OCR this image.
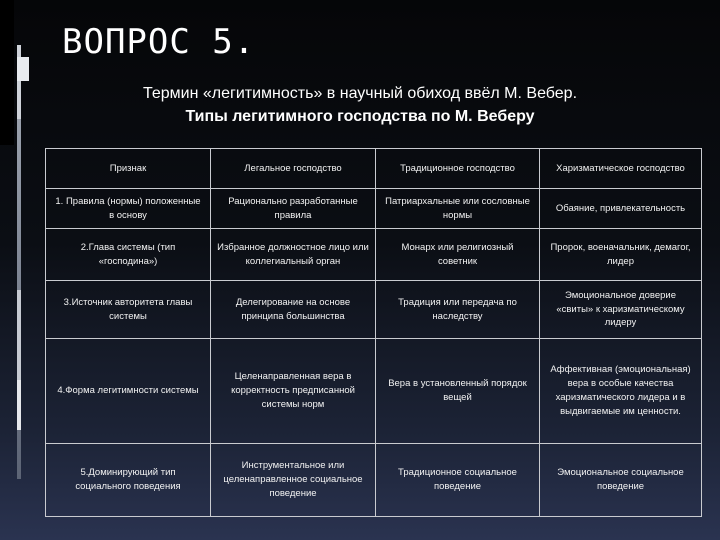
ВОПРОС 5.
Термин «легитимность» в научный обиход ввёл М. Вебер.
Типы легитимного господства по М. Веберу
Признак	Легальное господство	Традиционное господство	Харизматическое господство
1. Правила (нормы) положенные в основу	Рационально разработанные правила	Патриархальные или сословные нормы	Обаяние, привлекательность
2.Глава системы (тип «господина»)	Избранное должностное лицо или коллегиальный орган	Монарх или религиозный советник	Пророк, военачальник, демагог, лидер
3.Источник авторитета главы системы	Делегирование на основе принципа большинства	Традиция или передача по наследству	Эмоциональное доверие «свиты» к харизматическому лидеру
4.Форма легитимности системы	Целенаправленная вера в корректность предписанной системы норм	Вера в установленный порядок вещей	Аффективная (эмоциональная) вера в особые качества харизматического лидера и в выдвигаемые им ценности.
5.Доминирующий тип социального поведения	Инструментальное или целенаправленное социальное поведение	Традиционное социальное поведение	Эмоциональное социальное поведение
